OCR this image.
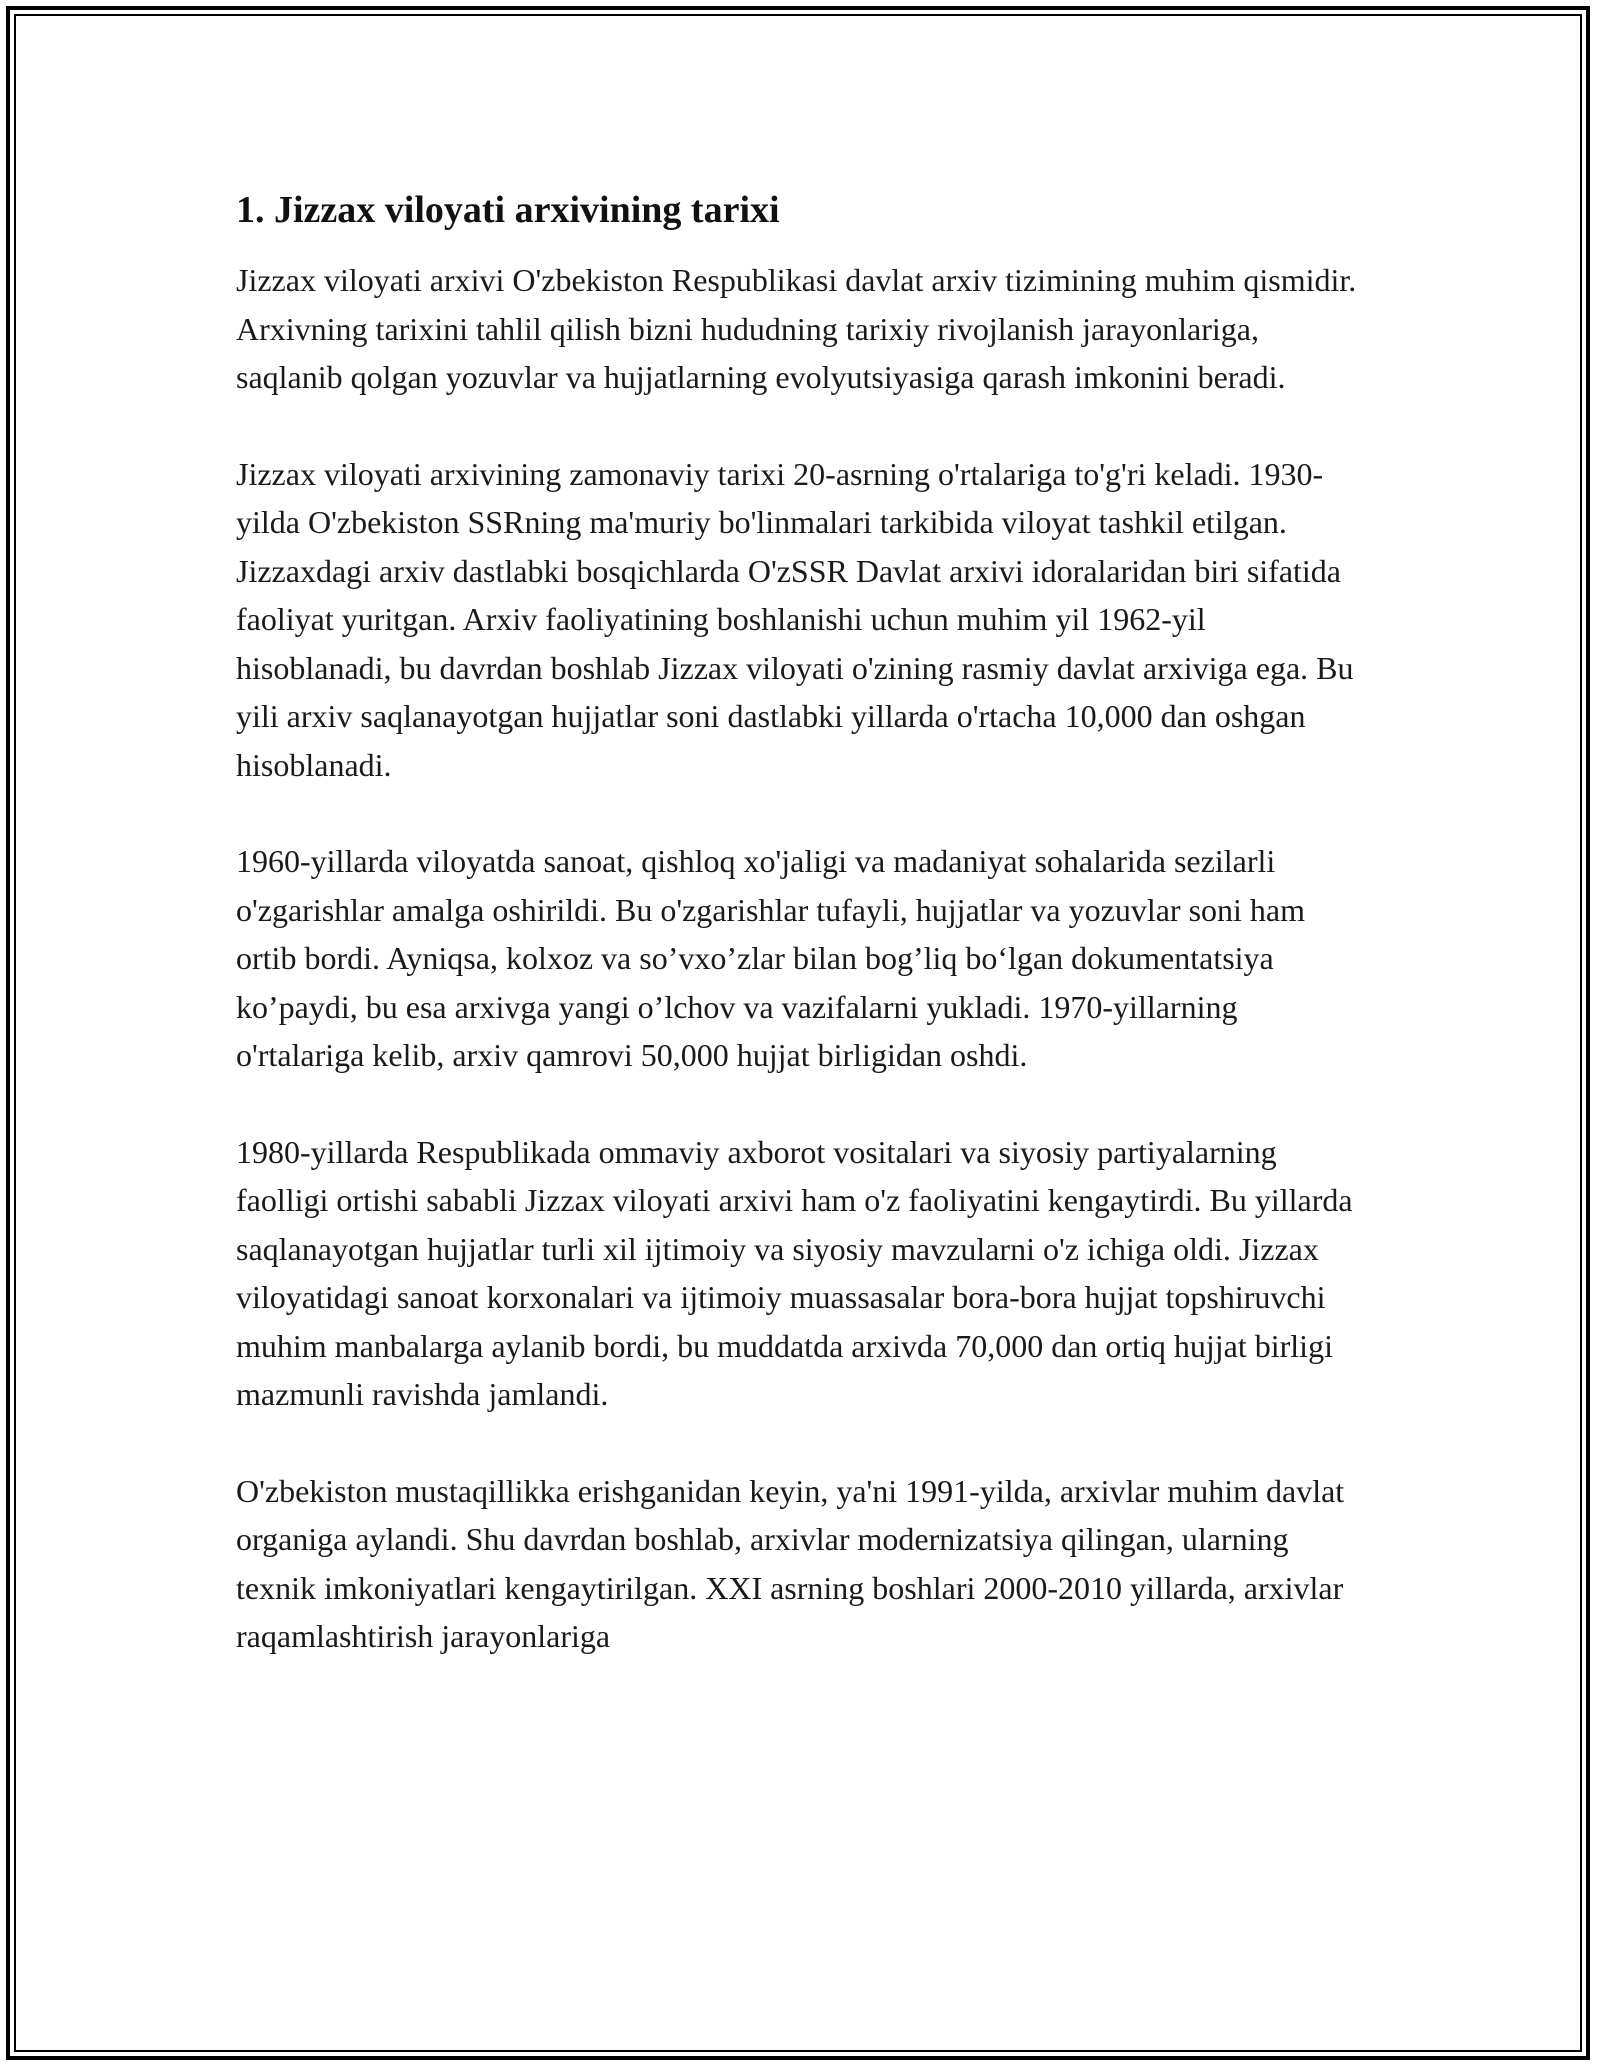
1. Jizzax viloyati arxivining tarixi

Jizzax viloyati arxivi O'zbekiston Respublikasi davlat arxiv tizimining muhim qismidir. Arxivning tarixini tahlil qilish bizni hududning tarixiy rivojlanish jarayonlariga, saqlanib qolgan yozuvlar va hujjatlarning evolyutsiyasiga qarash imkonini beradi.

Jizzax viloyati arxivining zamonaviy tarixi 20-asrning o'rtalariga to'g'ri keladi. 1930-yilda O'zbekiston SSRning ma'muriy bo'linmalari tarkibida viloyat tashkil etilgan. Jizzaxdagi arxiv dastlabki bosqichlarda O'zSSR Davlat arxivi idoralaridan biri sifatida faoliyat yuritgan. Arxiv faoliyatining boshlanishi uchun muhim yil 1962-yil hisoblanadi, bu davrdan boshlab Jizzax viloyati o'zining rasmiy davlat arxiviga ega. Bu yili arxiv saqlanayotgan hujjatlar soni dastlabki yillarda o'rtacha 10,000 dan oshgan hisoblanadi.

1960-yillarda viloyatda sanoat, qishloq xo'jaligi va madaniyat sohalarida sezilarli o'zgarishlar amalga oshirildi. Bu o'zgarishlar tufayli, hujjatlar va yozuvlar soni ham ortib bordi. Ayniqsa, kolxoz va so’vxo’zlar bilan bog’liq bo‘lgan dokumentatsiya ko’paydi, bu esa arxivga yangi o’lchov va vazifalarni yukladi. 1970-yillarning o'rtalariga kelib, arxiv qamrovi 50,000 hujjat birligidan oshdi.

1980-yillarda Respublikada ommaviy axborot vositalari va siyosiy partiyalarning faolligi ortishi sababli Jizzax viloyati arxivi ham o'z faoliyatini kengaytirdi. Bu yillarda saqlanayotgan hujjatlar turli xil ijtimoiy va siyosiy mavzularni o'z ichiga oldi. Jizzax viloyatidagi sanoat korxonalari va ijtimoiy muassasalar bora-bora hujjat topshiruvchi muhim manbalarga aylanib bordi, bu muddatda arxivda 70,000 dan ortiq hujjat birligi mazmunli ravishda jamlandi.

O'zbekiston mustaqillikka erishganidan keyin, ya'ni 1991-yilda, arxivlar muhim davlat organiga aylandi. Shu davrdan boshlab, arxivlar modernizatsiya qilingan, ularning texnik imkoniyatlari kengaytirilgan. XXI asrning boshlari 2000-2010 yillarda, arxivlar raqamlashtirish jarayonlariga
